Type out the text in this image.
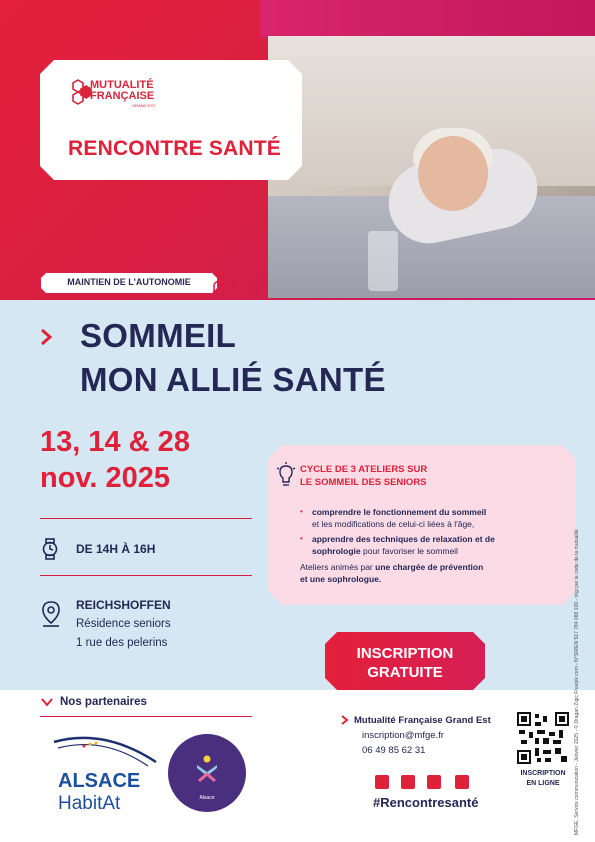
MUTUALITÉ
FRANÇAISE
GRAND EST
RENCONTRE SANTÉ
MAINTIEN DE L'AUTONOMIE
SOMMEIL
MON ALLIÉ SANTÉ
13, 14 & 28
nov. 2025
DE 14H À 16H
REICHSHOFFEN
Résidence seniors
1 rue des pelerins
CYCLE DE 3 ATELIERS SUR
LE SOMMEIL DES SENIORS
• comprendre le fonctionnement du sommeil
et les modifications de celui-ci liées à l'âge,
• apprendre des techniques de relaxation et de
sophrologie pour favoriser le sommeil
Ateliers animés par une chargée de prévention
et une sophrologue.
INSCRIPTION
GRATUITE
Nos partenaires
ALSACE
HabitAt	Alsace
Mutualité Française Grand Est
inscription@mfge.fr
06 49 85 62 31
INSCRIPTION
EN LIGNE
#Rencontresanté	MFGE, Service communication - Janvier 2025 - © Dragan Zigic Freepik.com - N°SIREN 517 784 088 109 - régi par le code de la mutualité
